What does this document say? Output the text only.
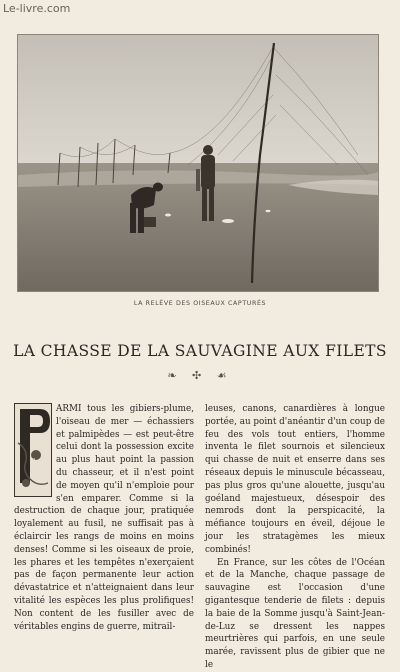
Le-livre.com
LA RELÈVE DES OISEAUX CAPTURÉS
LA CHASSE DE LA SAUVAGINE AUX FILETS
❧ ✣ ☙
P

ARMI tous les gibiers-plume, l'oiseau de mer — échassiers et palmipèdes — est peut-être celui dont la possession excite au plus haut point la passion du chasseur, et il n'est point de moyen qu'il n'emploie pour s'en emparer. Comme si la destruction de chaque jour, pratiquée loyalement au fusil, ne suffisait pas à éclaircir les rangs de moins en moins denses! Comme si les oiseaux de proie, les phares et les tempêtes n'exerçaient pas de façon permanente leur action dévastatrice et n'atteignaient dans leur vitalité les espèces les plus prolifiques! Non content de les fusiller avec de véritables engins de guerre, mitrail-

leuses, canons, canardières à longue portée, au point d'anéantir d'un coup de feu des vols tout entiers, l'homme inventa le filet sournois et silencieux qui chasse de nuit et enserre dans ses réseaux depuis le minuscule bécasseau, pas plus gros qu'une alouette, jusqu'au goéland majestueux, désespoir des nemrods dont la perspicacité, la méfiance toujours en éveil, déjoue le jour les stratagèmes les mieux combinés!

En France, sur les côtes de l'Océan et de la Manche, chaque passage de sauvagine est l'occasion d'une gigantesque tenderie de filets : depuis la baie de la Somme jusqu'à Saint-Jean-de-Luz se dressent les nappes meurtrières qui parfois, en une seule marée, ravissent plus de gibier que ne le
